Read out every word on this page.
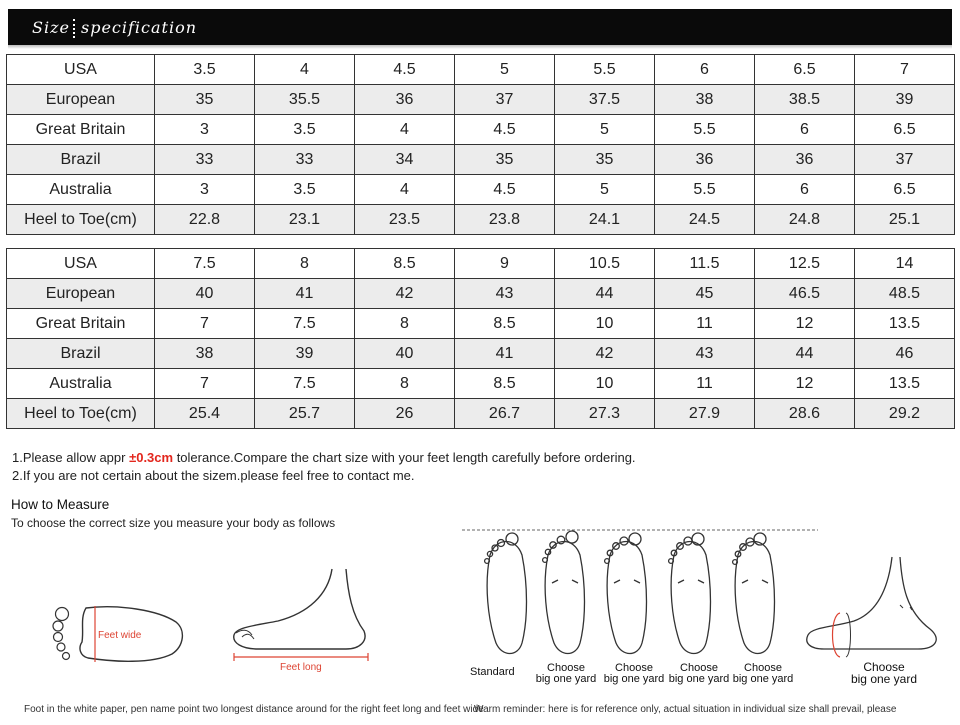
Size specification
USA	3.5	4	4.5	5	5.5	6	6.5	7
European	35	35.5	36	37	37.5	38	38.5	39
Great Britain	3	3.5	4	4.5	5	5.5	6	6.5
Brazil	33	33	34	35	35	36	36	37
Australia	3	3.5	4	4.5	5	5.5	6	6.5
Heel to Toe(cm)	22.8	23.1	23.5	23.8	24.1	24.5	24.8	25.1
USA	7.5	8	8.5	9	10.5	11.5	12.5	14
European	40	41	42	43	44	45	46.5	48.5
Great Britain	7	7.5	8	8.5	10	11	12	13.5
Brazil	38	39	40	41	42	43	44	46
Australia	7	7.5	8	8.5	10	11	12	13.5
Heel to Toe(cm)	25.4	25.7	26	26.7	27.3	27.9	28.6	29.2
1.Please allow appr ±0.3cm tolerance.Compare the chart size with your feet length carefully before ordering.
2.If you are not certain about the sizem.please feel free to contact me.
How to Measure
To choose the correct size you measure your body as follows
Feet wide
Feet long
Foot in the white paper, pen name point two longest distance around for the right feet long and feet wide
Standard	Choose
big one yard
Choose
big one yard
Choose
big one yard
Choose
big one yard
Choose
big one yard
Warm reminder: here is for reference only, actual situation in individual size shall prevail, please
